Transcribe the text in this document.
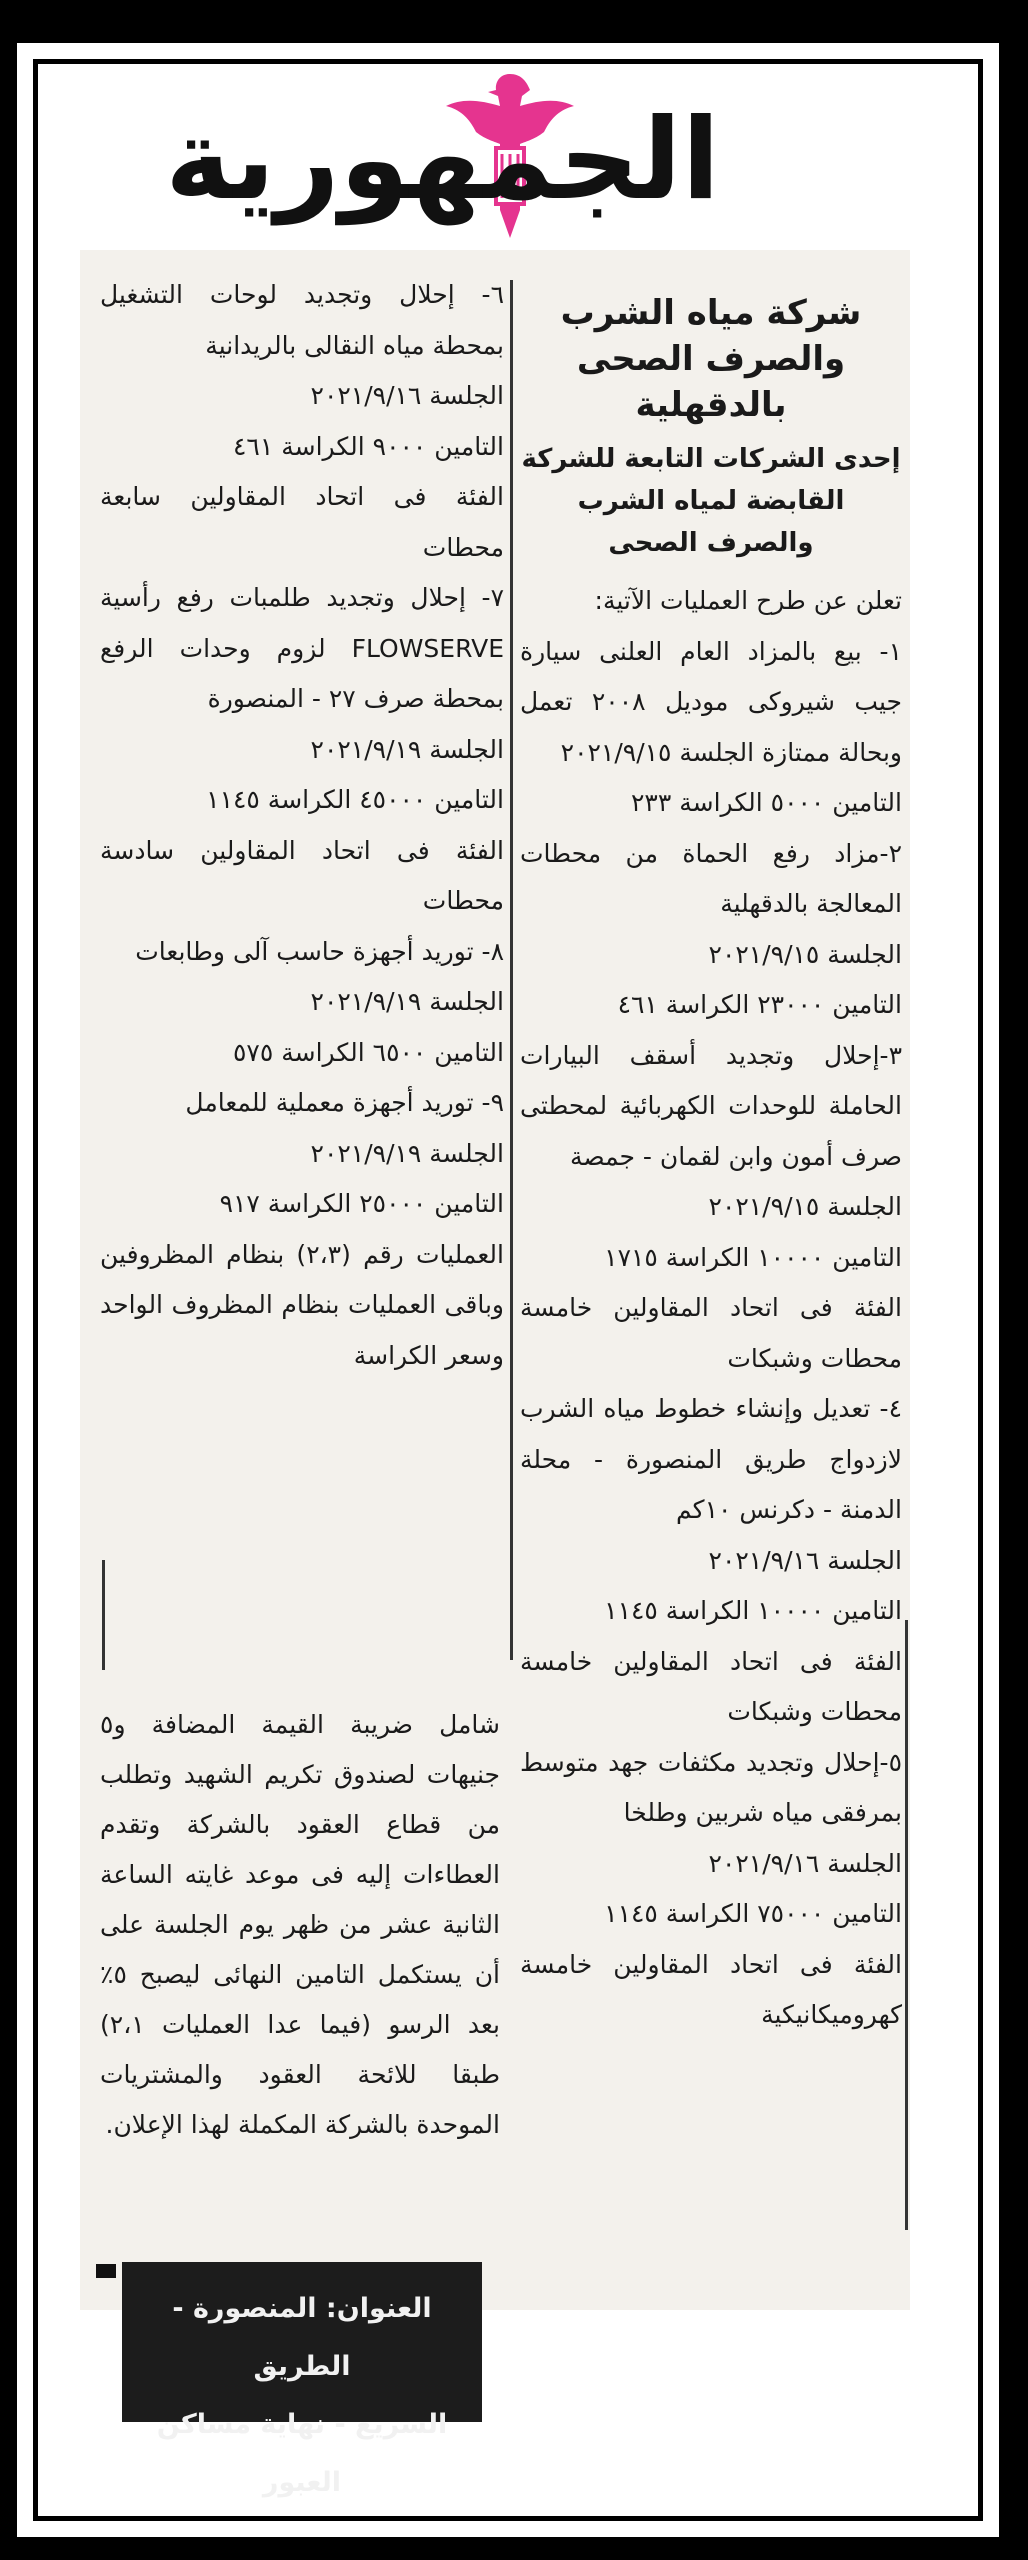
الجمهورية
شركة مياه الشرب والصرف الصحى بالدقهلية
إحدى الشركات التابعة للشركة القابضة لمياه الشرب والصرف الصحى

تعلن عن طرح العمليات الآتية:

١- بيع بالمزاد العام العلنى سيارة جيب شيروكى موديل ٢٠٠٨ تعمل وبحالة ممتازة الجلسة ٢٠٢١/٩/١٥

التامين ٥٠٠٠ الكراسة ٢٣٣

٢-مزاد رفع الحماة من محطات المعالجة بالدقهلية

الجلسة ٢٠٢١/٩/١٥

التامين ٢٣٠٠٠ الكراسة ٤٦١

٣-إحلال وتجديد أسقف البيارات الحاملة للوحدات الكهربائية لمحطتى صرف أمون وابن لقمان - جمصة

الجلسة ٢٠٢١/٩/١٥

التامين ١٠٠٠٠ الكراسة ١٧١٥

الفئة فى اتحاد المقاولين خامسة محطات وشبكات

٤- تعديل وإنشاء خطوط مياه الشرب لازدواج طريق المنصورة - محلة الدمنة - دكرنس ١٠كم

الجلسة ٢٠٢١/٩/١٦

التامين ١٠٠٠٠ الكراسة ١١٤٥

الفئة فى اتحاد المقاولين خامسة محطات وشبكات

٥-إحلال وتجديد مكثفات جهد متوسط بمرفقى مياه شربين وطلخا

الجلسة ٢٠٢١/٩/١٦

التامين ٧٥٠٠٠ الكراسة ١١٤٥

الفئة فى اتحاد المقاولين خامسة كهروميكانيكية

٦- إحلال وتجديد لوحات التشغيل بمحطة مياه النقالى بالريدانية

الجلسة ٢٠٢١/٩/١٦

التامين ٩٠٠٠ الكراسة ٤٦١

الفئة فى اتحاد المقاولين سابعة محطات

٧- إحلال وتجديد طلمبات رفع رأسية FLOWSERVE لزوم وحدات الرفع بمحطة صرف ٢٧ - المنصورة

الجلسة ٢٠٢١/٩/١٩

التامين ٤٥٠٠٠ الكراسة ١١٤٥

الفئة فى اتحاد المقاولين سادسة محطات

٨- توريد أجهزة حاسب آلى وطابعات

الجلسة ٢٠٢١/٩/١٩

التامين ٦٥٠٠ الكراسة ٥٧٥

٩- توريد أجهزة معملية للمعامل

الجلسة ٢٠٢١/٩/١٩

التامين ٢٥٠٠٠ الكراسة ٩١٧

العمليات رقم (٢،٣) بنظام المظروفين وباقى العمليات بنظام المظروف الواحد وسعر الكراسة

شامل ضريبة القيمة المضافة و٥ جنيهات لصندوق تكريم الشهيد وتطلب من قطاع العقود بالشركة وتقدم العطاءات إليه فى موعد غايته الساعة الثانية عشر من ظهر يوم الجلسة على أن يستكمل التامين النهائى ليصبح ٥٪ بعد الرسو (فيما عدا العمليات ٢،١) طبقا للائحة العقود والمشتريات الموحدة بالشركة المكملة لهذا الإعلان.
العنوان: المنصورة - الطريق
السريع - نهاية مساكن العبور
